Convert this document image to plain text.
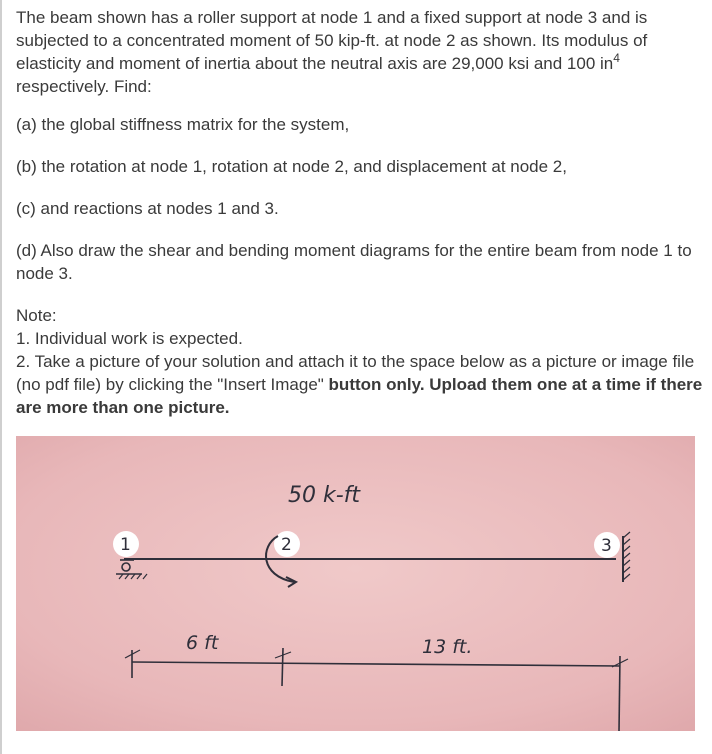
The beam shown has a roller support at node 1 and a fixed support at node 3 and is subjected to a concentrated moment of 50 kip-ft. at node 2 as shown. Its modulus of elasticity and moment of inertia about the neutral axis are 29,000 ksi and 100 $in^4$ respectively. Find:

(a) the global stiffness matrix for the system,

(b) the rotation at node 1, rotation at node 2, and displacement at node 2,

(c) and reactions at nodes 1 and 3.

(d) Also draw the shear and bending moment diagrams for the entire beam from node 1 to node 3.

Note:

1. Individual work is expected.

2. Take a picture of your solution and attach it to the space below as a picture or image file (no pdf file) by clicking the "Insert Image" button only. Upload them one at a time if there are more than one picture.

50 k-ft
1	2	3
6 ft	13 ft.
